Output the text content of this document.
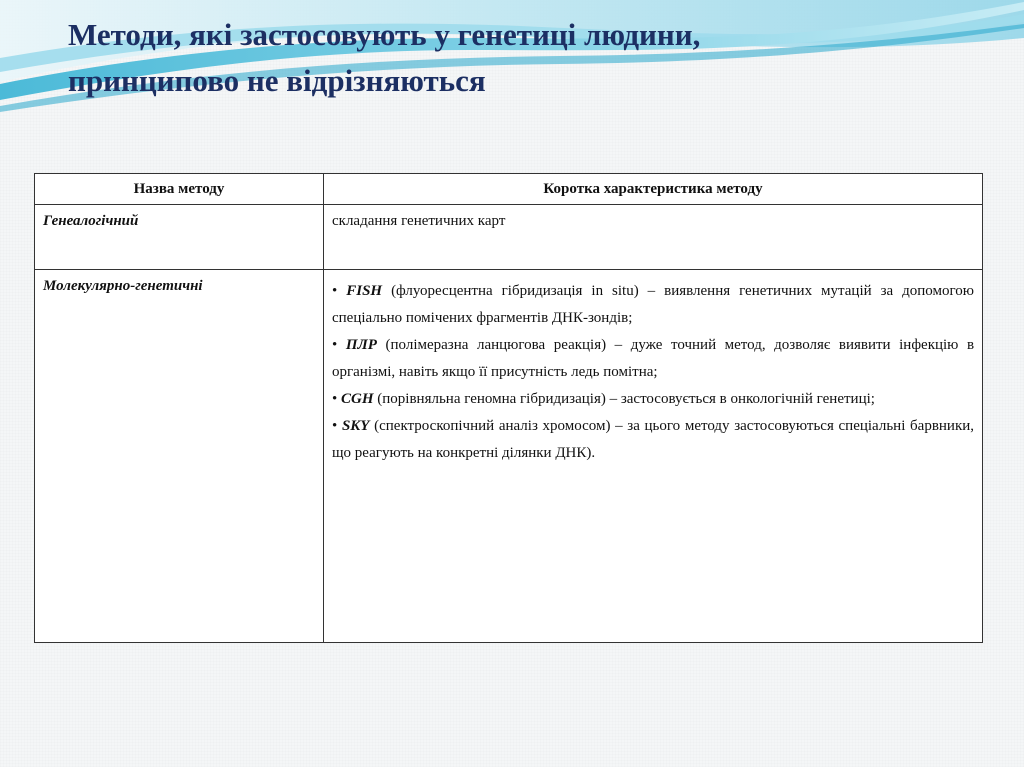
Методи, які застосовують у генетиці людини,
принципово не відрізняються
Назва методу	Коротка характеристика методу
Генеалогічний	складання генетичних карт
Молекулярно-генетичні	• FISH (флуоресцентна гібридизація in situ) – виявлення генетичних мутацій за допомогою спеціально помічених фрагментів ДНК-зондів;

• ПЛР (полімеразна ланцюгова реакція) – дуже точний метод, дозволяє виявити інфекцію в організмі, навіть якщо її присутність ледь помітна;

• CGH (порівняльна геномна гібридизація) – застосовується в онкологічній генетиці;

• SKY (спектроскопічний аналіз хромосом) – за цього методу застосовуються спеціальні барвники, що реагують на конкретні ділянки ДНК).
